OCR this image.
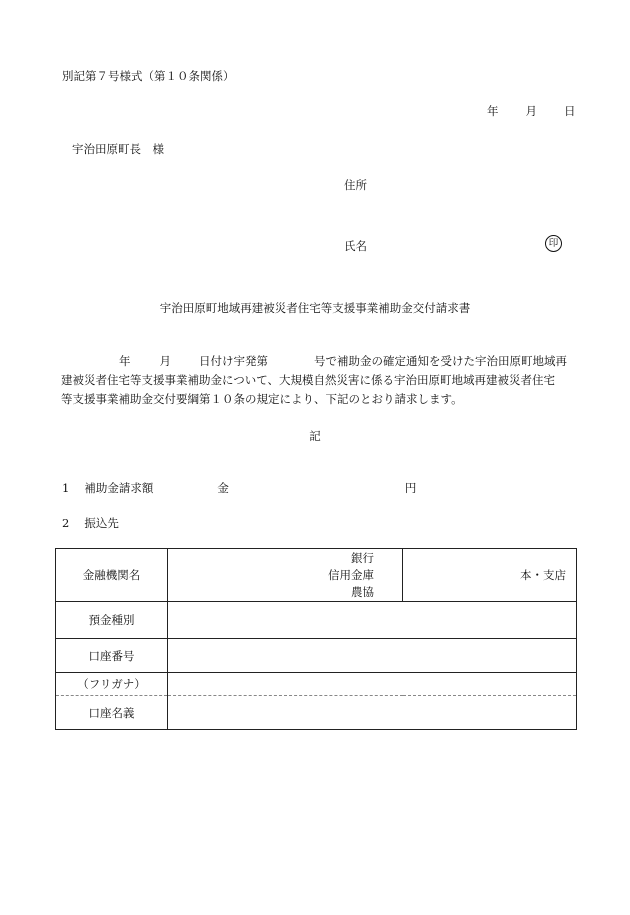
別記第７号様式（第１０条関係）
年 月 日
宇治田原町長　様
住所
氏名	印
宇治田原町地域再建被災者住宅等支援事業補助金交付請求書
年	月 日付け宇発第	号で補助金の確定通知を受けた宇治田原町地域再
建被災者住宅等支援事業補助金について、大規模自然災害に係る宇治田原町地域再建被災者住宅
等支援事業補助金交付要綱第１０条の規定により、下記のとおり請求します。
記
1 補助金請求額	金	円
2 振込先
金融機関名	銀行
信用金庫
農協	本・支店
預金種別		
口座番号		
（フリガナ）		
口座名義		
